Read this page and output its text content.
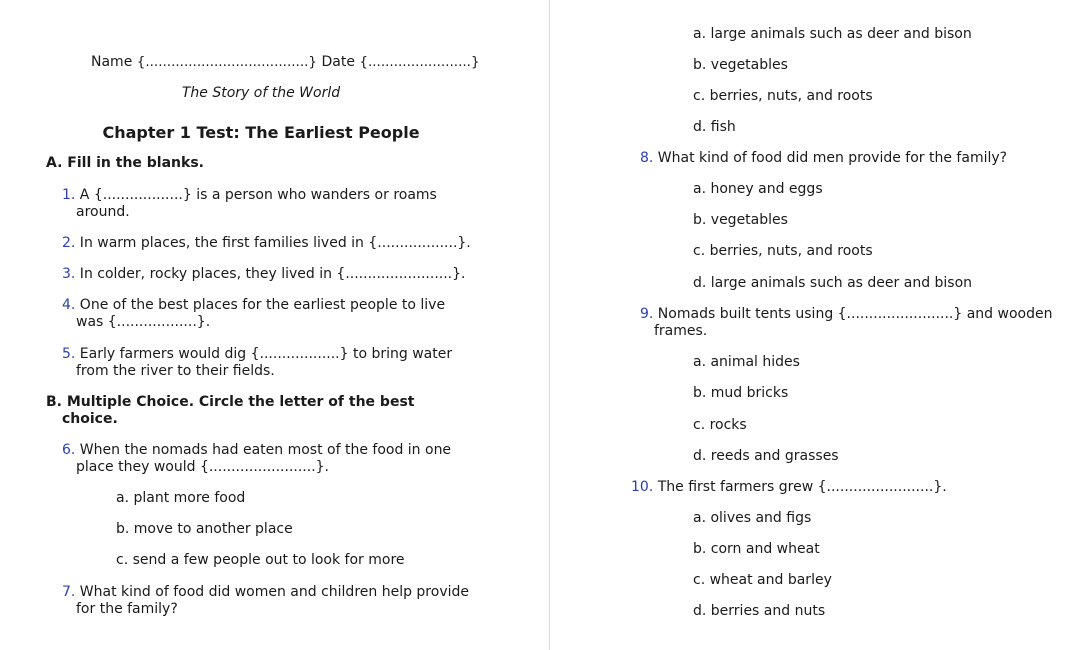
Name {......................................} Date {........................}
The Story of the World
Chapter 1 Test: The Earliest People
A. Fill in the blanks.
1. A {..................} is a person who wanders or roams
around.
2. In warm places, the first families lived in {..................}.
3. In colder, rocky places, they lived in {........................}.
4. One of the best places for the earliest people to live
was {..................}.
5. Early farmers would dig {..................} to bring water
from the river to their fields.
B. Multiple Choice. Circle the letter of the best
choice.
6. When the nomads had eaten most of the food in one
place they would {........................}.
a. plant more food
b. move to another place
c. send a few people out to look for more
7. What kind of food did women and children help provide
for the family?
a. large animals such as deer and bison
b. vegetables
c. berries, nuts, and roots
d. fish
8. What kind of food did men provide for the family?
a. honey and eggs
b. vegetables
c. berries, nuts, and roots
d. large animals such as deer and bison
9. Nomads built tents using {........................} and wooden
frames.
a. animal hides
b. mud bricks
c. rocks
d. reeds and grasses
10. The first farmers grew {........................}.
a. olives and figs
b. corn and wheat
c. wheat and barley
d. berries and nuts
